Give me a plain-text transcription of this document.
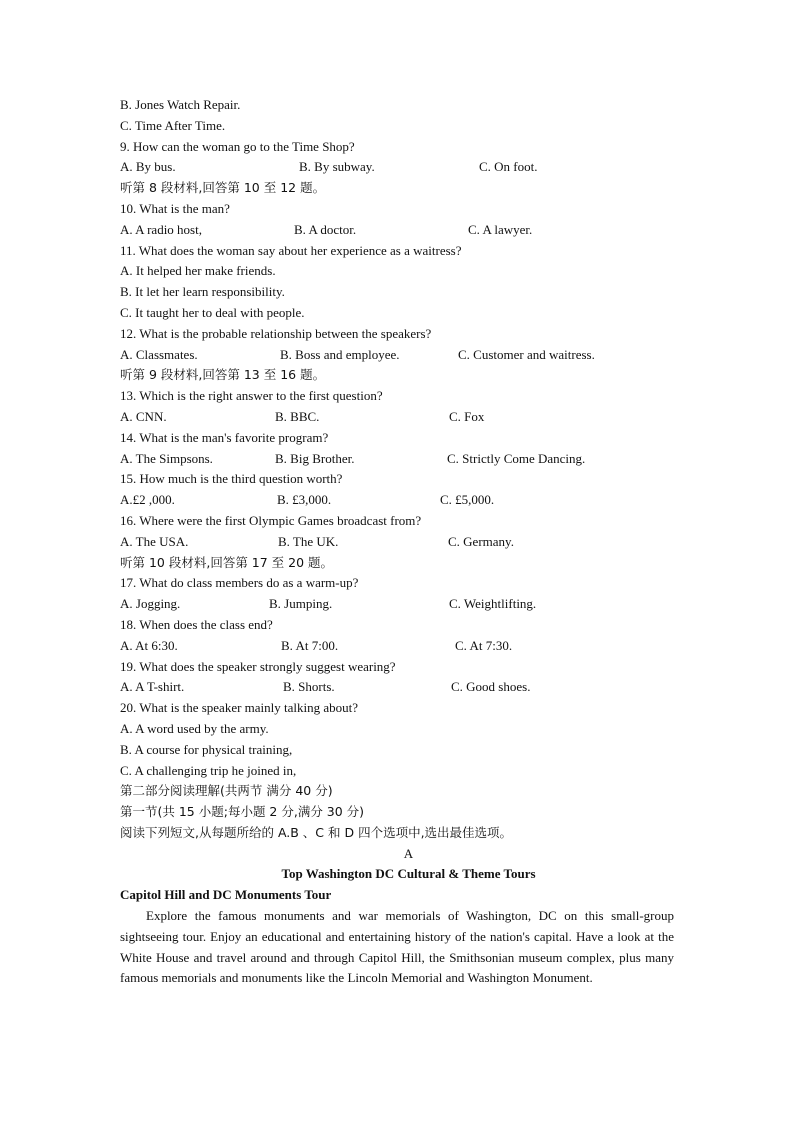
B. Jones Watch Repair.
C. Time After Time.
9. How can the woman go to the Time Shop?
A. By bus.	B. By subway.	C. On foot.
听第 8 段材料,回答第 10 至 12 题。
10. What is the man?
A. A radio host,	B. A doctor.	C. A lawyer.
11. What does the woman say about her experience as a waitress?
A. It helped her make friends.
B. It let her learn responsibility.
C. It taught her to deal with people.
12. What is the probable relationship between the speakers?
A. Classmates.	B. Boss and employee.	C. Customer and waitress.
听第 9 段材料,回答第 13 至 16 题。
13. Which is the right answer to the first question?
A. CNN.	B. BBC.	C. Fox
14. What is the man's favorite program?
A. The Simpsons.	B. Big Brother.	C. Strictly Come Dancing.
15. How much is the third question worth?
A.£2 ,000.	B. £3,000.	C. £5,000.
16. Where were the first Olympic Games broadcast from?
A. The USA.	B. The UK.	C. Germany.
听第 10 段材料,回答第 17 至 20 题。
17. What do class members do as a warm-up?
A. Jogging.	B. Jumping.	C. Weightlifting.
18. When does the class end?
A. At 6:30.	B. At 7:00.	C. At 7:30.
19. What does the speaker strongly suggest wearing?
A. A T-shirt.	B. Shorts.	C. Good shoes.
20. What is the speaker mainly talking about?
A. A word used by the army.
B. A course for physical training,
C. A challenging trip he joined in,
第二部分阅读理解(共两节 满分 40 分)
第一节(共 15 小题;每小题 2 分,满分 30 分)
阅读下列短文,从每题所给的 A.B 、C 和 D 四个选项中,选出最佳选项。
A
Top Washington DC Cultural & Theme Tours
Capitol Hill and DC Monuments Tour
Explore the famous monuments and war memorials of Washington, DC on this small-group sightseeing tour. Enjoy an educational and entertaining history of the nation's capital. Have a look at the White House and travel around and through Capitol Hill, the Smithsonian museum complex, plus many famous memorials and monuments like the Lincoln Memorial and Washington Monument.
